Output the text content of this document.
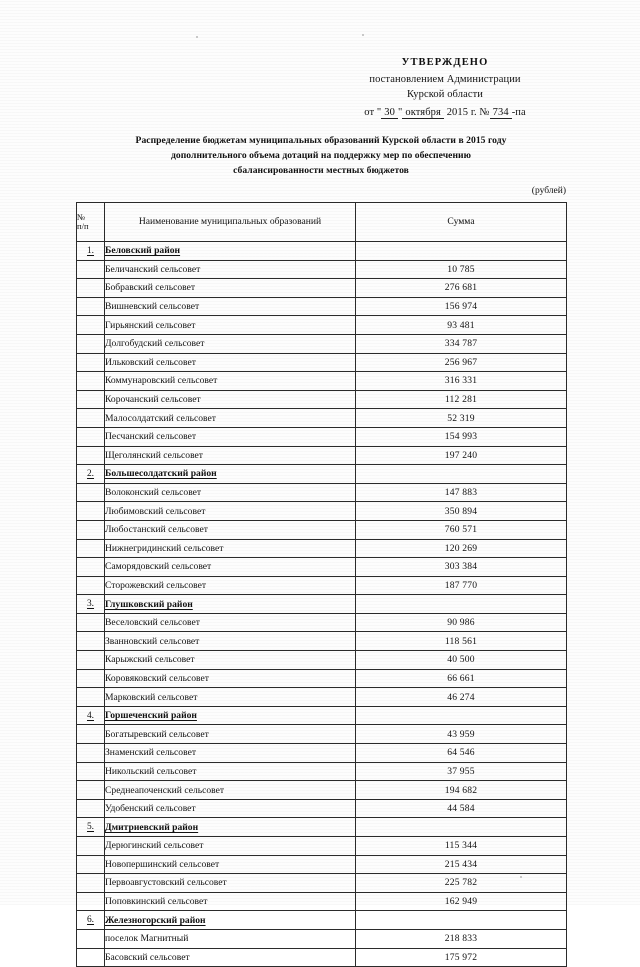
УТВЕРЖДЕНО
постановлением Администрации
Курской области
от " 30 " октября 2015 г. № 734 -па
Распределение бюджетам муниципальных образований Курской области в 2015 году
дополнительного объема дотаций на поддержку мер по обеспечению
сбалансированности местных бюджетов
(рублей)
№
п/п	Наименование муниципальных образований	Сумма
1.	Беловский район	
	Беличанский сельсовет	10 785
	Бобравский сельсовет	276 681
	Вишневский сельсовет	156 974
	Гирьянский сельсовет	93 481
	Долгобудский сельсовет	334 787
	Ильковский сельсовет	256 967
	Коммунаровский сельсовет	316 331
	Корочанский сельсовет	112 281
	Малосолдатский сельсовет	52 319
	Песчанский сельсовет	154 993
	Щеголянский сельсовет	197 240
2.	Большесолдатский район	
	Волоконский сельсовет	147 883
	Любимовский сельсовет	350 894
	Любостанский сельсовет	760 571
	Нижнегридинский сельсовет	120 269
	Саморядовский сельсовет	303 384
	Сторожевский сельсовет	187 770
3.	Глушковский район	
	Веселовский сельсовет	90 986
	Званновский сельсовет	118 561
	Карыжский сельсовет	40 500
	Коровяковский сельсовет	66 661
	Марковский сельсовет	46 274
4.	Горшеченский район	
	Богатыревский сельсовет	43 959
	Знаменский сельсовет	64 546
	Никольский сельсовет	37 955
	Среднеапоченский сельсовет	194 682
	Удобенский сельсовет	44 584
5.	Дмитриевский район	
	Дерюгинский сельсовет	115 344
	Новопершинский сельсовет	215 434
	Первоавгустовский сельсовет	225 782
	Поповкинский сельсовет	162 949
6.	Железногорский район	
	поселок Магнитный	218 833
	Басовский сельсовет	175 972
